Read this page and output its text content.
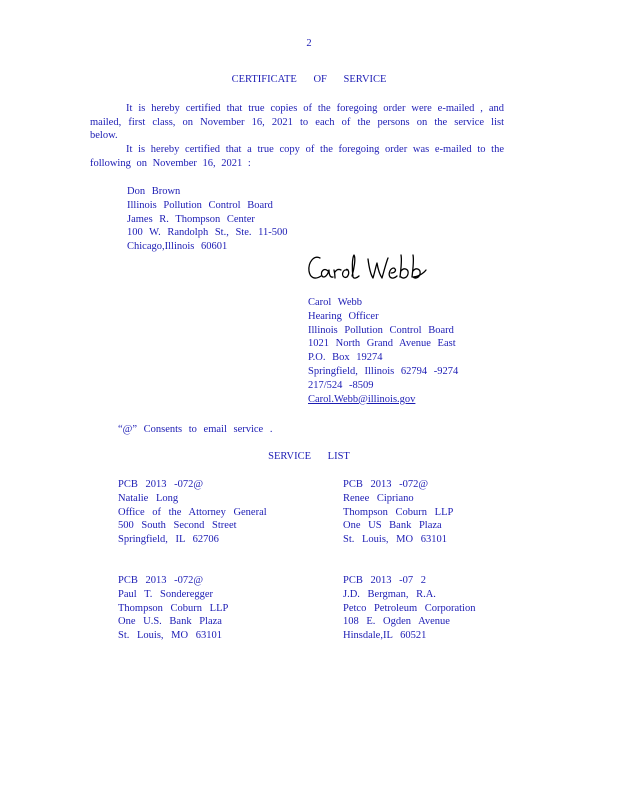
2
CERTIFICATE OF SERVICE
It is hereby certified that true copies of the foregoing order were e-mailed , and mailed, first class, on November 16, 2021 to each of the persons on the service list below.
It is hereby certified that a true copy of the foregoing order was e-mailed to the following on November 16, 2021 :
Don Brown
Illinois Pollution Control Board
James R. Thompson Center
100 W. Randolph St., Ste. 11-500
Chicago,Illinois 60601
Carol Webb
Hearing Officer
Illinois Pollution Control Board
1021 North Grand Avenue East
P.O. Box 19274
Springfield, Illinois 62794 -9274
217/524 -8509
Carol.Webb@illinois.gov
“@” Consents to email service .
SERVICE LIST
PCB 2013 -072@
Natalie Long
Office of the Attorney General
500 South Second Street
Springfield, IL 62706
PCB 2013 -072@
Renee Cipriano
Thompson Coburn LLP
One US Bank Plaza
St. Louis, MO 63101
PCB 2013 -072@
Paul T. Sonderegger
Thompson Coburn LLP
One U.S. Bank Plaza
St. Louis, MO 63101
PCB 2013 -07 2
J.D. Bergman, R.A.
Petco Petroleum Corporation
108 E. Ogden Avenue
Hinsdale,IL 60521
